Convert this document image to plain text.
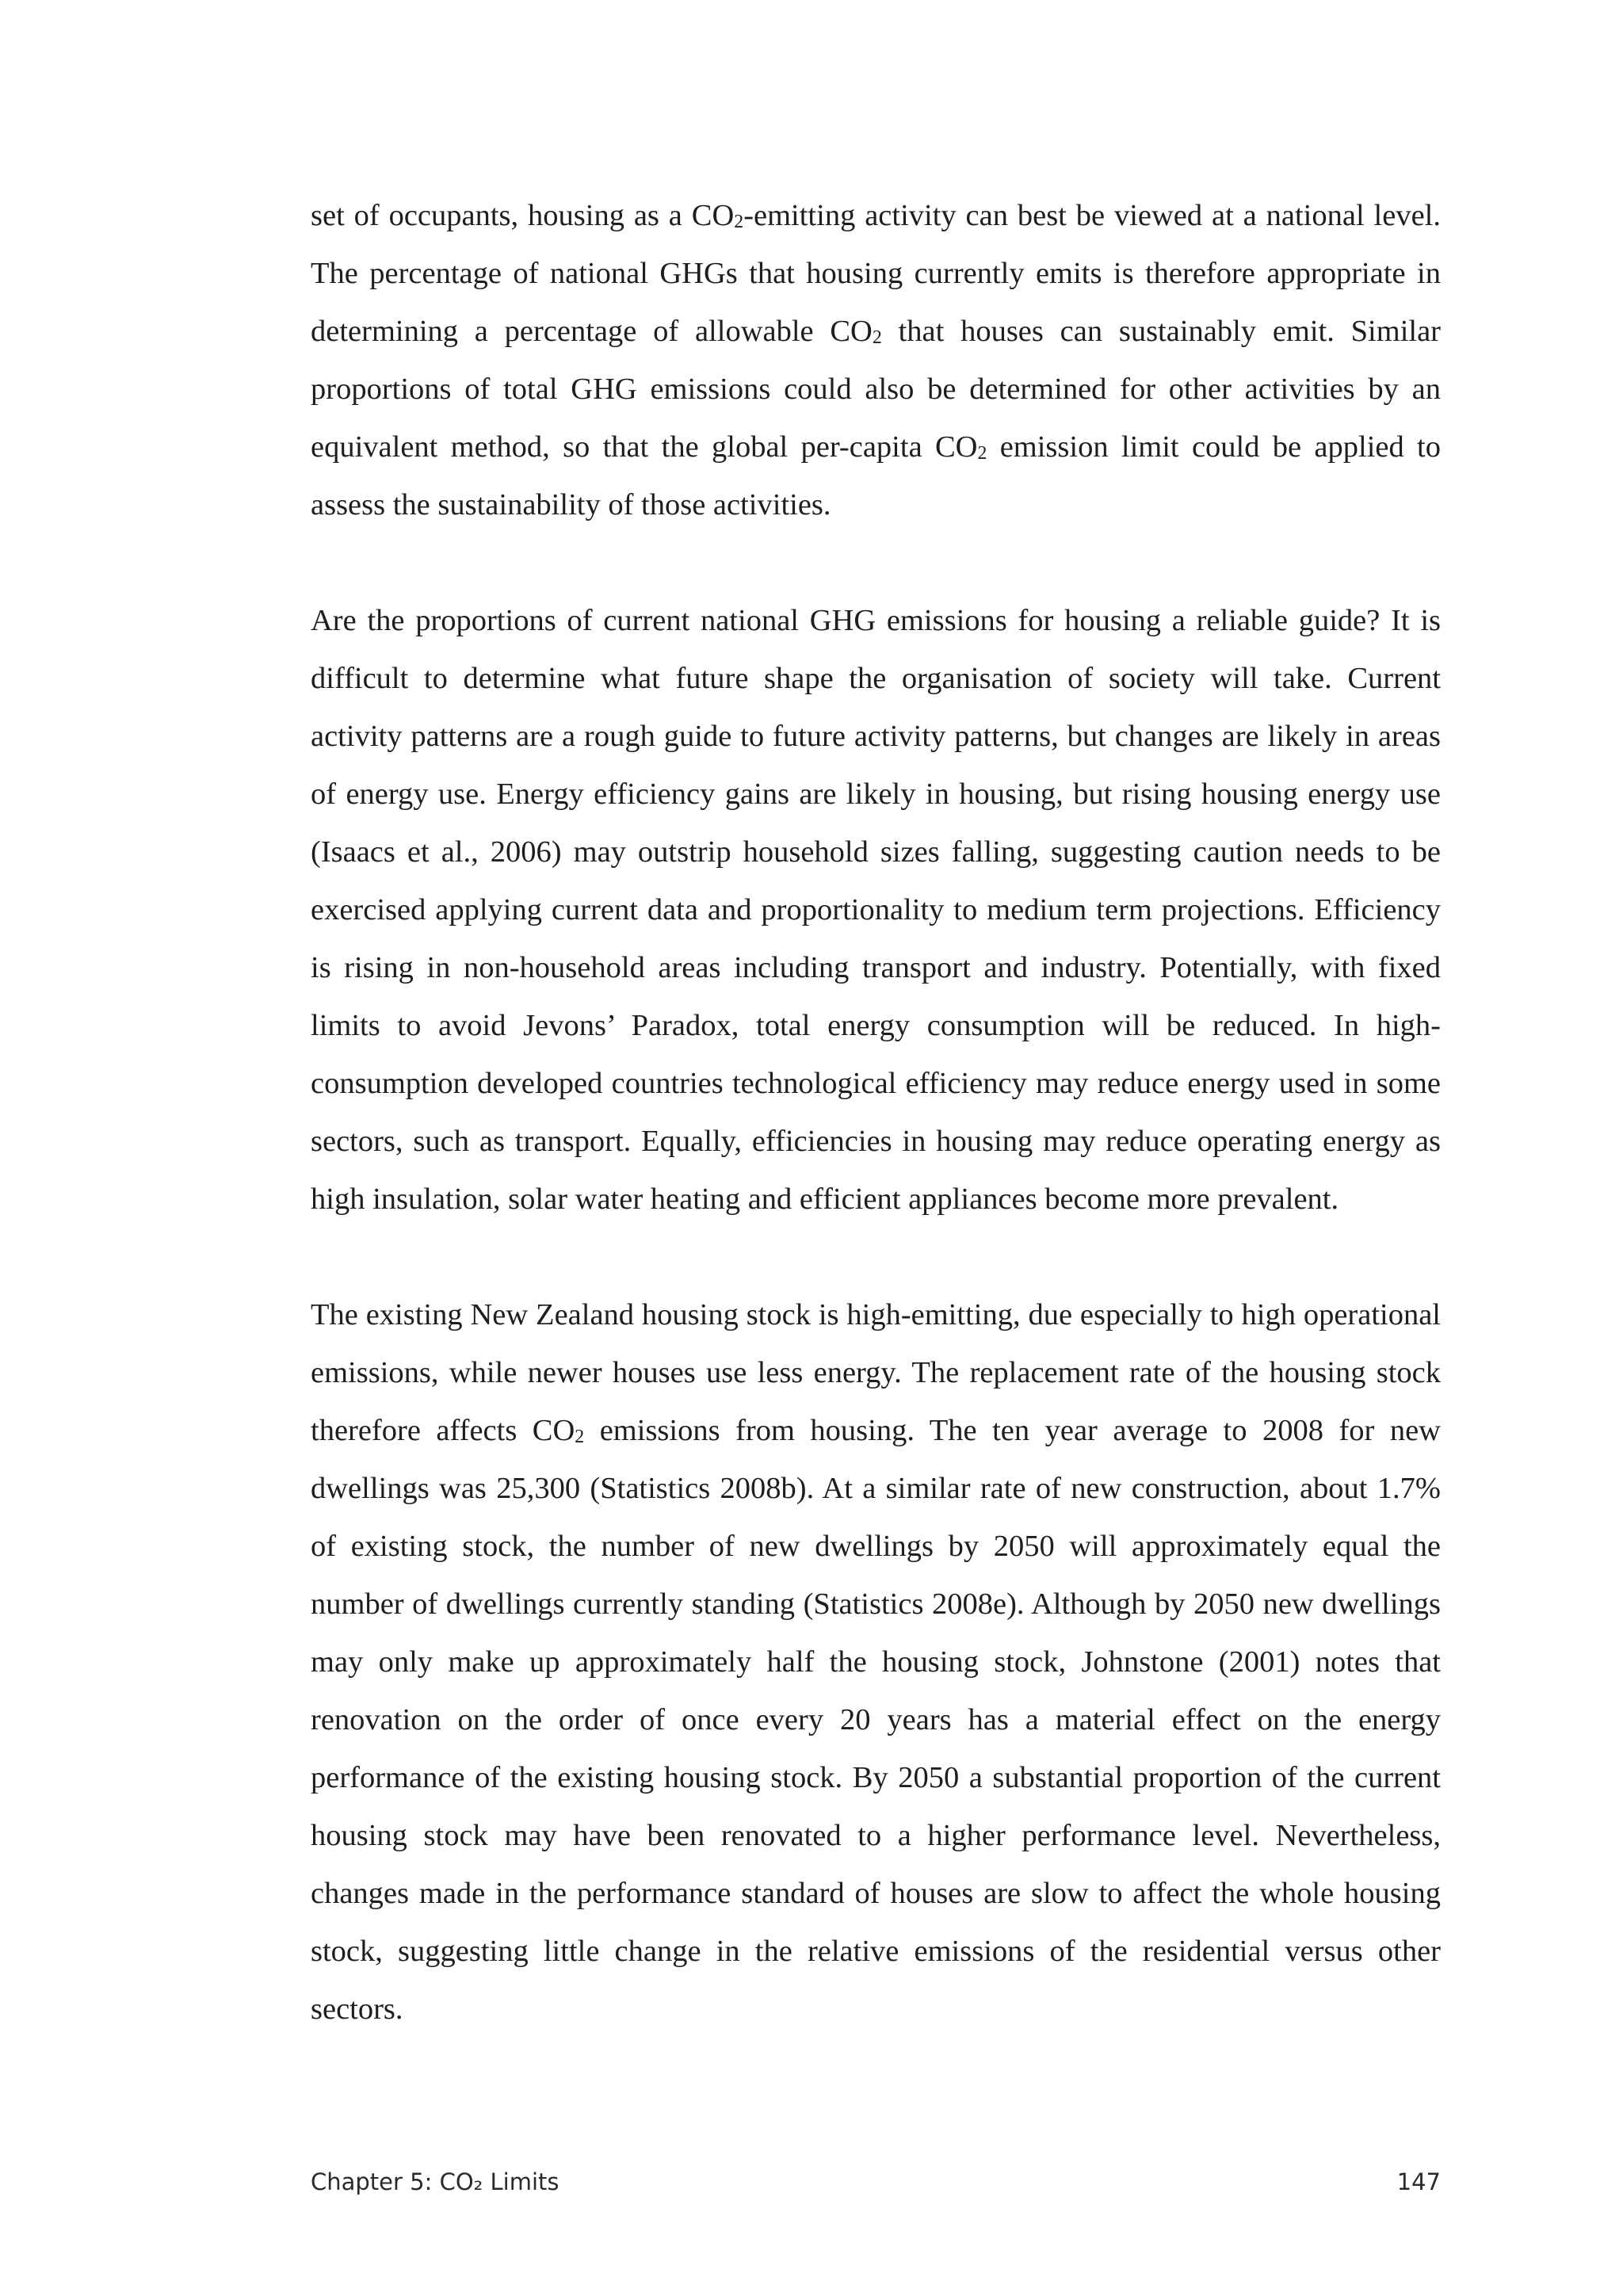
set of occupants, housing as a $CO_2$-emitting activity can best be viewed at a national level. The percentage of national GHGs that housing currently emits is therefore appropriate in determining a percentage of allowable $CO_2$ that houses can sustainably emit. Similar proportions of total GHG emissions could also be determined for other activities by an equivalent method, so that the global per-capita $CO_2$ emission limit could be applied to assess the sustainability of those activities.

Are the proportions of current national GHG emissions for housing a reliable guide? It is difficult to determine what future shape the organisation of society will take. Current activity patterns are a rough guide to future activity patterns, but changes are likely in areas of energy use. Energy efficiency gains are likely in housing, but rising housing energy use (Isaacs et al., 2006) may outstrip household sizes falling, suggesting caution needs to be exercised applying current data and proportionality to medium term projections. Efficiency is rising in non-household areas including transport and industry. Potentially, with fixed limits to avoid Jevons’ Paradox, total energy consumption will be reduced. In high-consumption developed countries technological efficiency may reduce energy used in some sectors, such as transport. Equally, efficiencies in housing may reduce operating energy as high insulation, solar water heating and efficient appliances become more prevalent.

The existing New Zealand housing stock is high-emitting, due especially to high operational emissions, while newer houses use less energy. The replacement rate of the housing stock therefore affects $CO_2$ emissions from housing. The ten year average to 2008 for new dwellings was 25,300 (Statistics 2008b). At a similar rate of new construction, about 1.7% of existing stock, the number of new dwellings by 2050 will approximately equal the number of dwellings currently standing (Statistics 2008e). Although by 2050 new dwellings may only make up approximately half the housing stock, Johnstone (2001) notes that renovation on the order of once every 20 years has a material effect on the energy performance of the existing housing stock. By 2050 a substantial proportion of the current housing stock may have been renovated to a higher performance level. Nevertheless, changes made in the performance standard of houses are slow to affect the whole housing stock, suggesting little change in the relative emissions of the residential versus other sectors.

Chapter 5: CO₂ Limits	147
